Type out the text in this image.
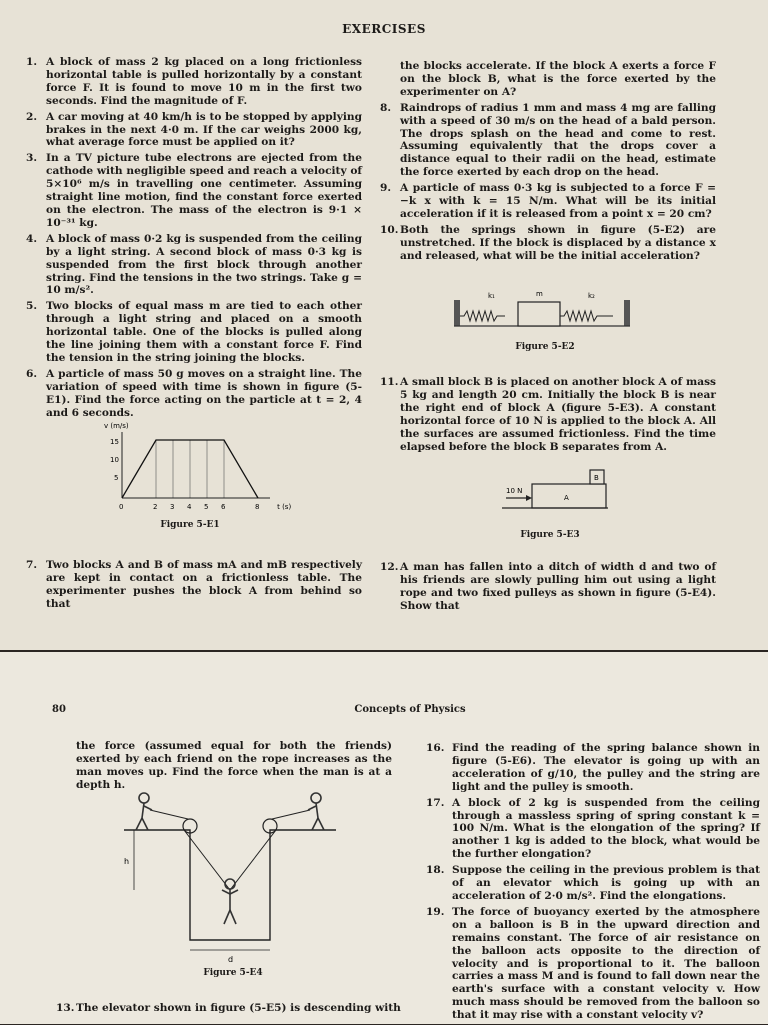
EXERCISES
1. A block of mass 2 kg placed on a long frictionless horizontal table is pulled horizontally by a constant force F. It is found to move 10 m in the first two seconds. Find the magnitude of F.
2. A car moving at 40 km/h is to be stopped by applying brakes in the next 4·0 m. If the car weighs 2000 kg, what average force must be applied on it?
3. In a TV picture tube electrons are ejected from the cathode with negligible speed and reach a velocity of 5×10⁶ m/s in travelling one centimeter. Assuming straight line motion, find the constant force exerted on the electron. The mass of the electron is 9·1 × 10⁻³¹ kg.
4. A block of mass 0·2 kg is suspended from the ceiling by a light string. A second block of mass 0·3 kg is suspended from the first block through another string. Find the tensions in the two strings. Take g = 10 m/s².
5. Two blocks of equal mass m are tied to each other through a light string and placed on a smooth horizontal table. One of the blocks is pulled along the line joining them with a constant force F. Find the tension in the string joining the blocks.
6. A particle of mass 50 g moves on a straight line. The variation of speed with time is shown in figure (5-E1). Find the force acting on the particle at t = 2, 4 and 6 seconds.
v (m/s)
15
10
5
0	2 3 4 5 6	8	t (s)
Figure 5-E1
7. Two blocks A and B of mass mA and mB respectively are kept in contact on a frictionless table. The experimenter pushes the block A from behind so that
the blocks accelerate. If the block A exerts a force F on the block B, what is the force exerted by the experimenter on A?
8. Raindrops of radius 1 mm and mass 4 mg are falling with a speed of 30 m/s on the head of a bald person. The drops splash on the head and come to rest. Assuming equivalently that the drops cover a distance equal to their radii on the head, estimate the force exerted by each drop on the head.
9. A particle of mass 0·3 kg is subjected to a force F = −k x with k = 15 N/m. What will be its initial acceleration if it is released from a point x = 20 cm?
10. Both the springs shown in figure (5-E2) are unstretched. If the block is displaced by a distance x and released, what will be the initial acceleration?
k₁	m	k₂
Figure 5-E2
11. A small block B is placed on another block A of mass 5 kg and length 20 cm. Initially the block B is near the right end of block A (figure 5-E3). A constant horizontal force of 10 N is applied to the block A. All the surfaces are assumed frictionless. Find the time elapsed before the block B separates from A.
10 N
A
B
Figure 5-E3
12. A man has fallen into a ditch of width d and two of his friends are slowly pulling him out using a light rope and two fixed pulleys as shown in figure (5-E4). Show that
80	Concepts of Physics
the force (assumed equal for both the friends) exerted by each friend on the rope increases as the man moves up. Find the force when the man is at a depth h.
h
d
Figure 5-E4
13. The elevator shown in figure (5-E5) is descending with
16. Find the reading of the spring balance shown in figure (5-E6). The elevator is going up with an acceleration of g/10, the pulley and the string are light and the pulley is smooth.
17. A block of 2 kg is suspended from the ceiling through a massless spring of spring constant k = 100 N/m. What is the elongation of the spring? If another 1 kg is added to the block, what would be the further elongation?
18. Suppose the ceiling in the previous problem is that of an elevator which is going up with an acceleration of 2·0 m/s². Find the elongations.
19. The force of buoyancy exerted by the atmosphere on a balloon is B in the upward direction and remains constant. The force of air resistance on the balloon acts opposite to the direction of velocity and is proportional to it. The balloon carries a mass M and is found to fall down near the earth's surface with a constant velocity v. How much mass should be removed from the balloon so that it may rise with a constant velocity v?
